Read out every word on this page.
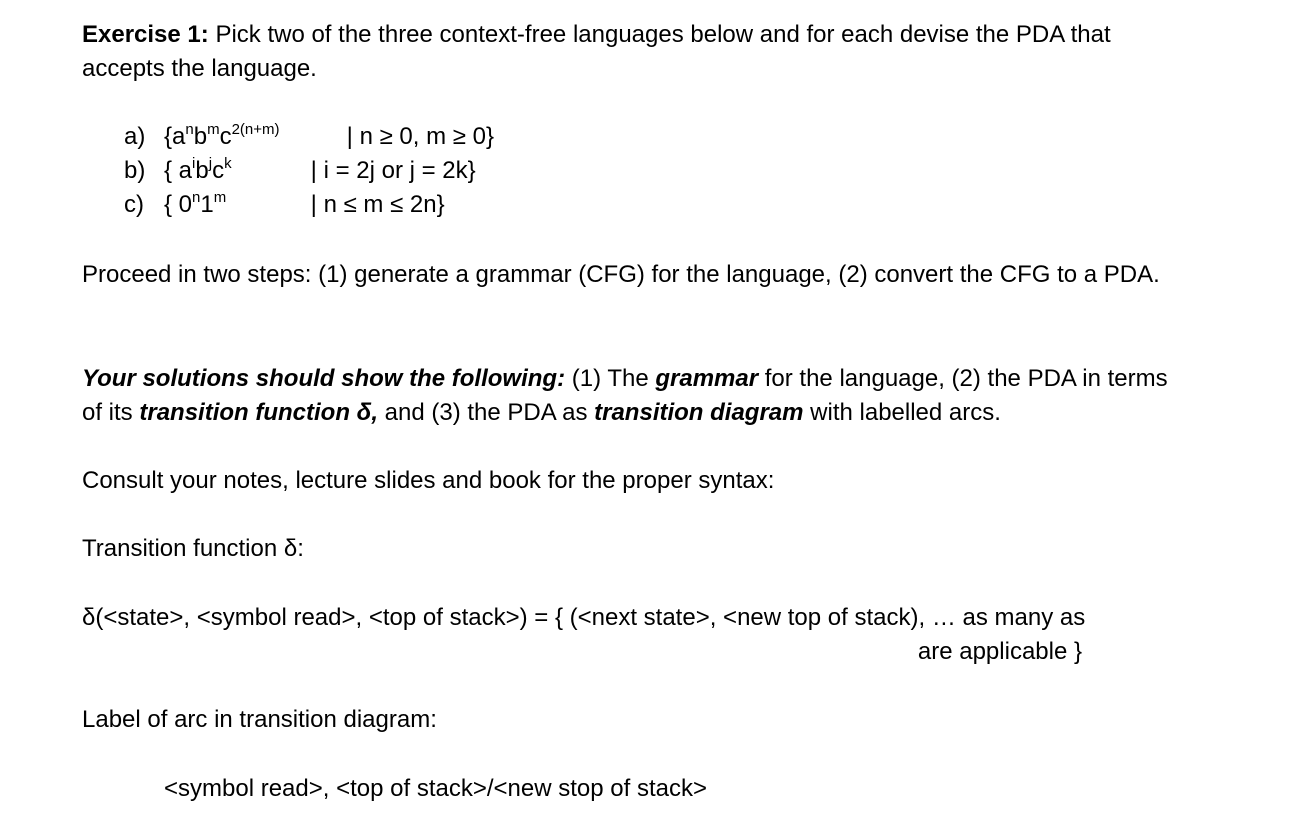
Exercise 1: Pick two of the three context-free languages below and for each devise the PDA that accepts the language.

a) {$a^nb^mc^{2(n+m)}$	| n ≥ 0, m ≥ 0}
b) { $a^ib^jc^k$	| i = 2j or j = 2k}
c) { 0$^n$1$^m$	| n ≤ m ≤ 2n}

Proceed in two steps: (1) generate a grammar (CFG) for the language, (2) convert the CFG to a PDA.

Your solutions should show the following: (1) The grammar for the language, (2) the PDA in terms of its transition function δ, and (3) the PDA as transition diagram with labelled arcs.

Consult your notes, lecture slides and book for the proper syntax:

Transition function δ:

δ(<state>, <symbol read>, <top of stack>) = { (<next state>, <new top of stack), … as many as
are applicable }

Label of arc in transition diagram:

<symbol read>, <top of stack>/<new stop of stack>
